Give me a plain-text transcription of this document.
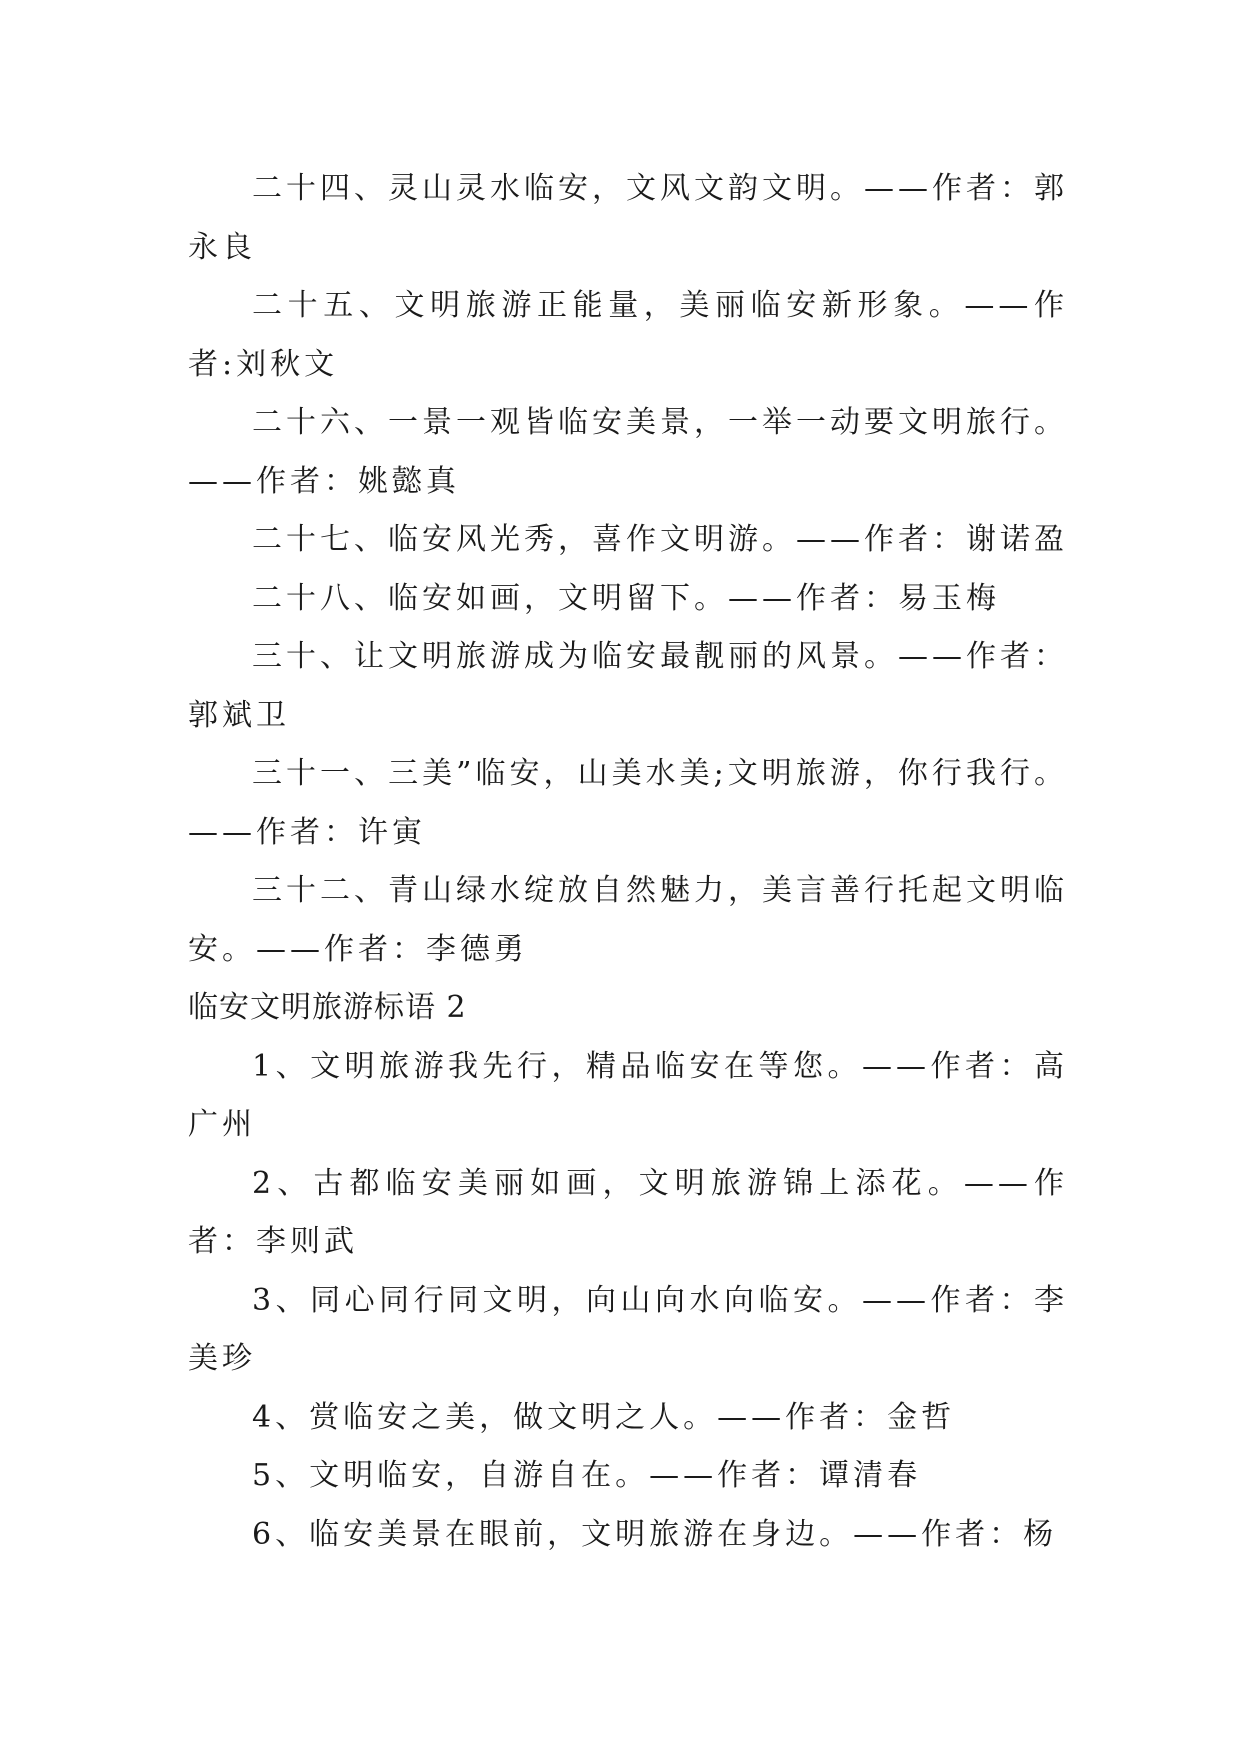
二十四、灵山灵水临安，文风文韵文明。——作者：郭永良

二十五、文明旅游正能量，美丽临安新形象。——作者:刘秋文

二十六、一景一观皆临安美景，一举一动要文明旅行。——作者：姚懿真

二十七、临安风光秀，喜作文明游。——作者：谢诺盈

二十八、临安如画，文明留下。——作者：易玉梅

三十、让文明旅游成为临安最靓丽的风景。——作者：郭斌卫

三十一、三美”临安，山美水美;文明旅游，你行我行。——作者：许寅

三十二、青山绿水绽放自然魅力，美言善行托起文明临安。——作者：李德勇

临安文明旅游标语 2

1、文明旅游我先行，精品临安在等您。——作者：高广州

2、古都临安美丽如画，文明旅游锦上添花。——作者：李则武

3、同心同行同文明，向山向水向临安。——作者：李美珍

4、赏临安之美，做文明之人。——作者：金哲

5、文明临安，自游自在。——作者：谭清春

6、临安美景在眼前，文明旅游在身边。——作者：杨
